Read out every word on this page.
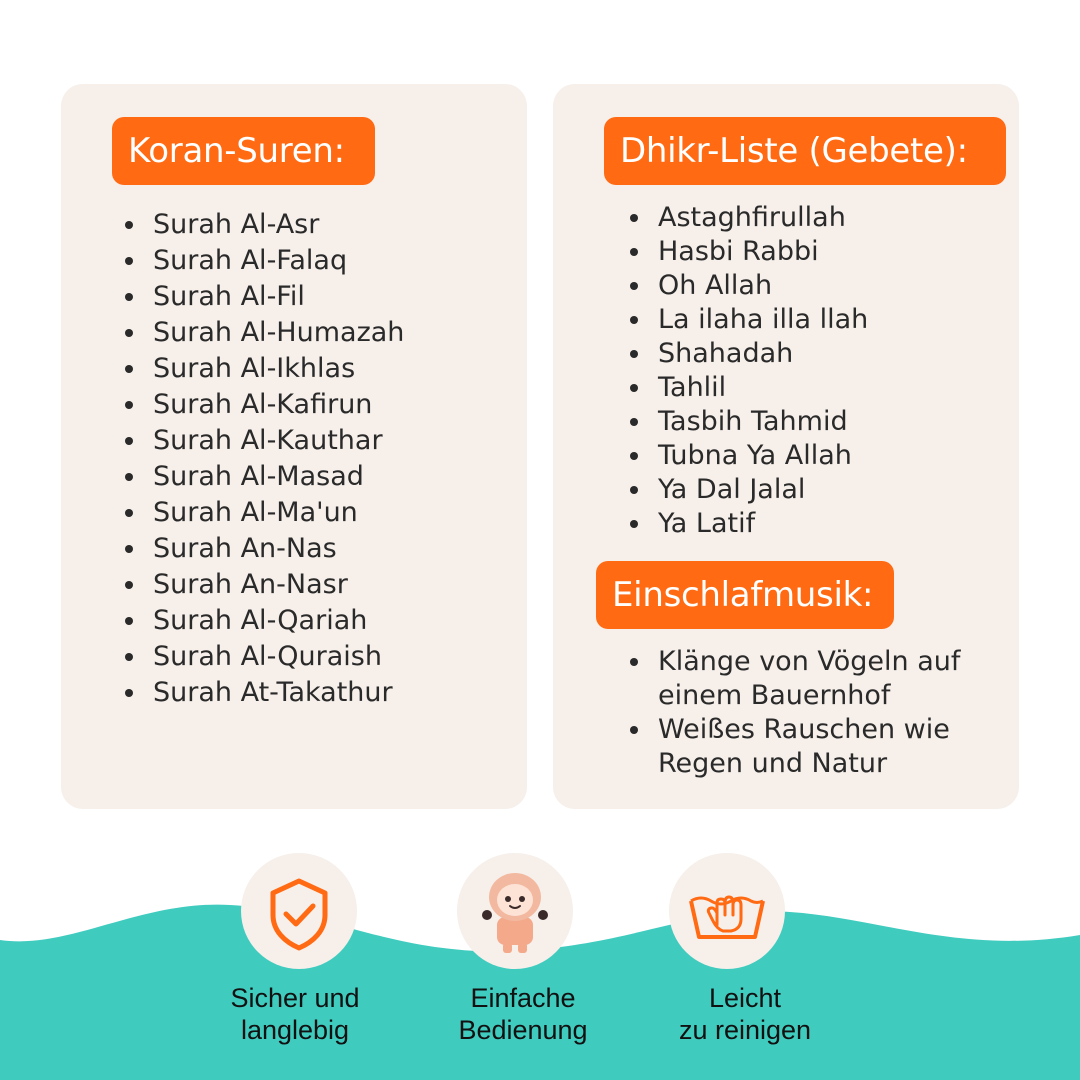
Koran-Suren:
Surah Al-Asr
Surah Al-Falaq
Surah Al-Fil
Surah Al-Humazah
Surah Al-Ikhlas
Surah Al-Kafirun
Surah Al-Kauthar
Surah Al-Masad
Surah Al-Ma'un
Surah An-Nas
Surah An-Nasr
Surah Al-Qariah
Surah Al-Quraish
Surah At-Takathur
Dhikr-Liste (Gebete):
Astaghfirullah
Hasbi Rabbi
Oh Allah
La ilaha illa llah
Shahadah
Tahlil
Tasbih Tahmid
Tubna Ya Allah
Ya Dal Jalal
Ya Latif
Einschlafmusik:
Klänge von Vögeln auf einem Bauernhof
Weißes Rauschen wie Regen und Natur
Sicher und
langlebig
Einfache
Bedienung
Leicht
zu reinigen
